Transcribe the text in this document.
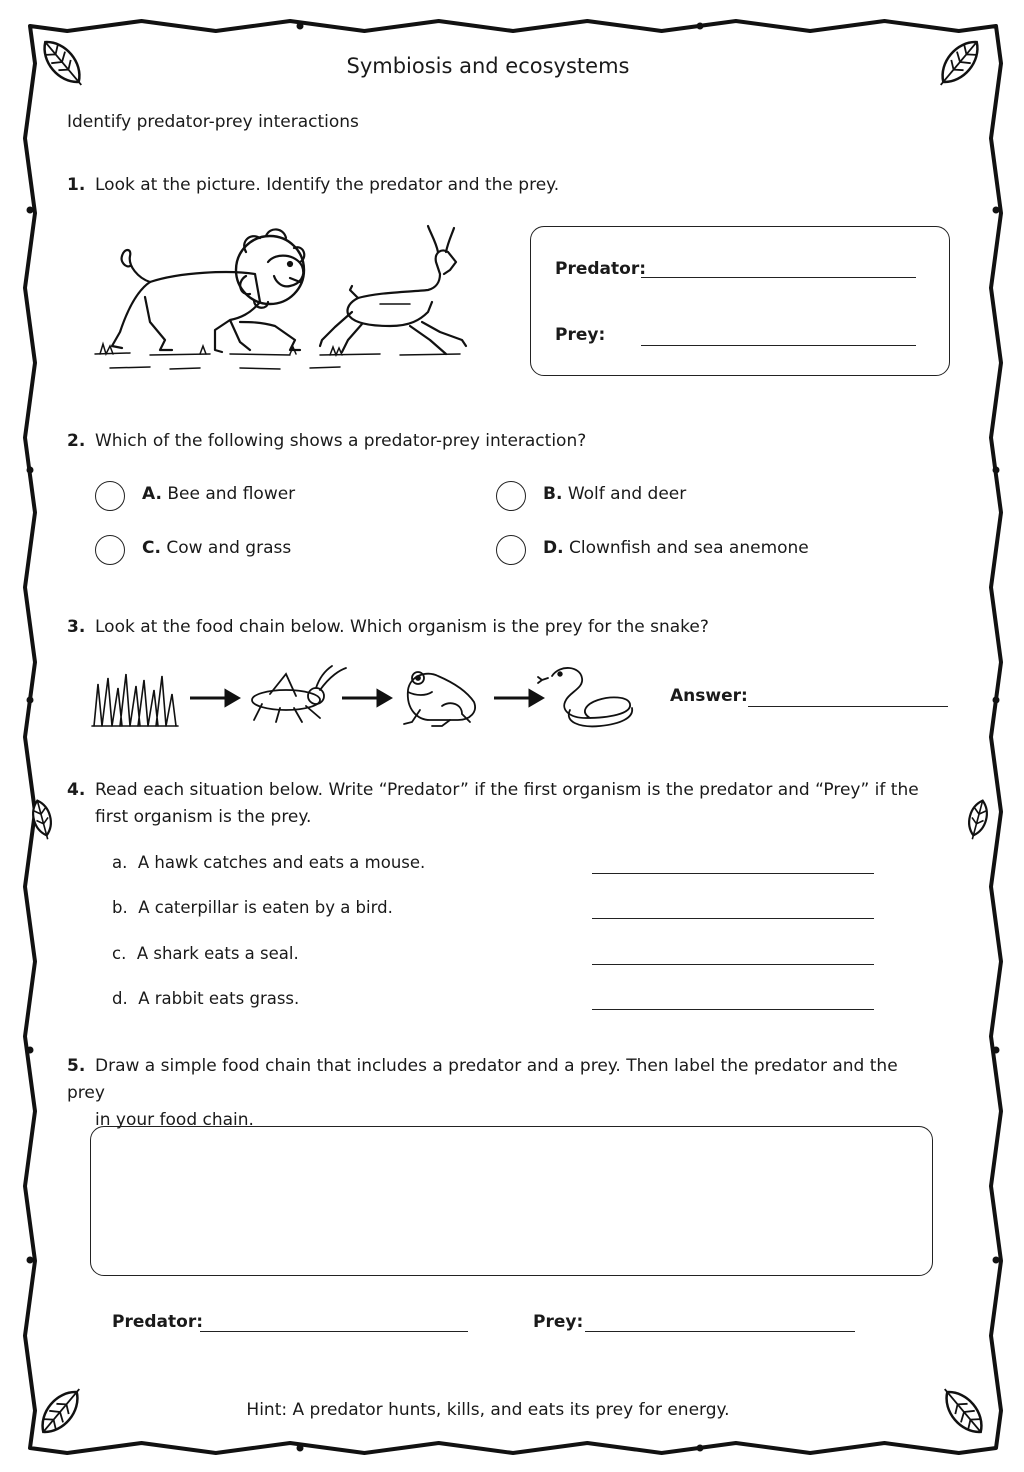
Symbiosis and ecosystems
Identify predator-prey interactions
1. Look at the picture. Identify the predator and the prey.
Predator:
Prey:
2. Which of the following shows a predator-prey interaction?
A. Bee and flower	B. Wolf and deer
C. Cow and grass	D. Clownfish and sea anemone
3. Look at the food chain below. Which organism is the prey for the snake?
Answer:
4. Read each situation below. Write “Predator” if the first organism is the predator and “Prey” if the
first organism is the prey.
a. A hawk catches and eats a mouse.
b. A caterpillar is eaten by a bird.
c. A shark eats a seal.
d. A rabbit eats grass.
5. Draw a simple food chain that includes a predator and a prey. Then label the predator and the prey
in your food chain.
Predator:	Prey:
Hint: A predator hunts, kills, and eats its prey for energy.
